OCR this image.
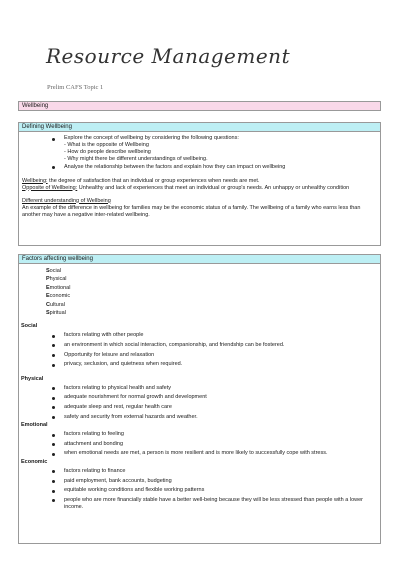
Resource Management
Prelim CAFS Topic 1
Wellbeing
Defining Wellbeing
Explore the concept of wellbeing by considering the following questions:
- What is the opposite of Wellbeing
- How do people describe wellbeing
- Why might there be different understandings of wellbeing.
Analyse the relationship between the factors and explain how they can impact on wellbeing
Wellbeing: the degree of satisfaction that an individual or group experiences when needs are met.
Opposite of Wellbeing: Unhealthy and lack of experiences that meet an individual or group's needs. An unhappy or unhealthy condition
Different understanding of Wellbeing
An example of the difference in wellbeing for families may be the economic status of a family. The wellbeing of a family who earns less than another may have a negative inter-related wellbeing.
Factors affecting wellbeing
Social
Physical
Emotional
Economic
Cultural
Spiritual
Social
factors relating with other people
an environment in which social interaction, companionship, and friendship can be fostered.
Opportunity for leisure and relaxation
privacy, seclusion, and quietness when required.
Physical
factors relating to physical health and safety
adequate nourishment for normal growth and development
adequate sleep and rest, regular health care
safety and security from external hazards and weather.
Emotional
factors relating to feeling
attachment and bonding
when emotional needs are met, a person is more resilient and is more likely to successfully cope with stress.
Economic
factors relating to finance
paid employment, bank accounts, budgeting
equitable working conditions and flexible working patterns
people who are more financially stable have a better well-being because they will be less stressed than people with a lower income.
